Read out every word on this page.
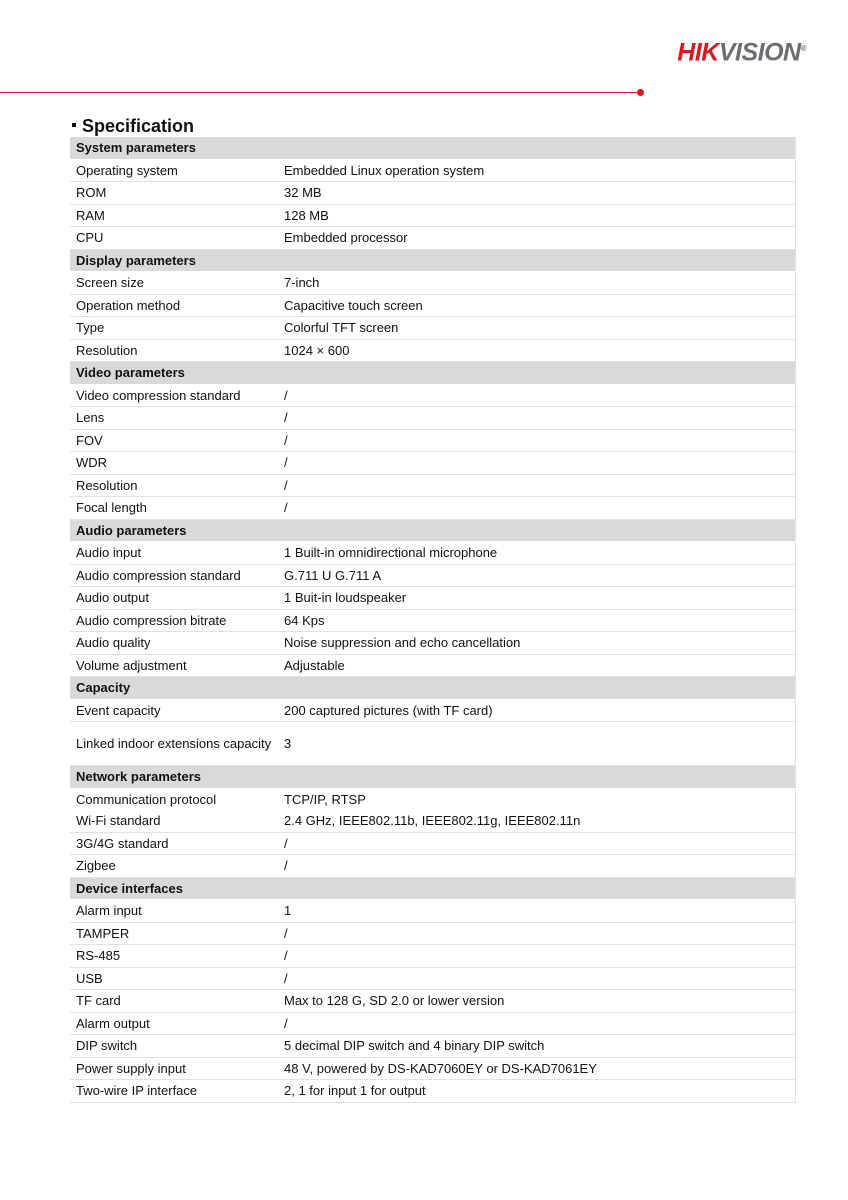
HIKVISION®
Specification
System parameters	
Operating system	Embedded Linux operation system
ROM	32 MB
RAM	128 MB
CPU	Embedded processor
Display parameters	
Screen size	7-inch
Operation method	Capacitive touch screen
Type	Colorful TFT screen
Resolution	1024 × 600
Video parameters	
Video compression standard	/
Lens	/
FOV	/
WDR	/
Resolution	/
Focal length	/
Audio parameters	
Audio input	1 Built-in omnidirectional microphone
Audio compression standard	G.711 U G.711 A
Audio output	1 Buit-in loudspeaker
Audio compression bitrate	64 Kps
Audio quality	Noise suppression and echo cancellation
Volume adjustment	Adjustable
Capacity	
Event capacity	200 captured pictures (with TF card)
Linked indoor extensions capacity	3
Network parameters	
Communication protocol	TCP/IP, RTSP
Wi-Fi standard	2.4 GHz, IEEE802.11b, IEEE802.11g, IEEE802.11n
3G/4G standard	/
Zigbee	/
Device interfaces	
Alarm input	1
TAMPER	/
RS-485	/
USB	/
TF card	Max to 128 G, SD 2.0 or lower version
Alarm output	/
DIP switch	5 decimal DIP switch and 4 binary DIP switch
Power supply input	48 V, powered by DS-KAD7060EY or DS-KAD7061EY
Two-wire IP interface	2, 1 for input 1 for output
